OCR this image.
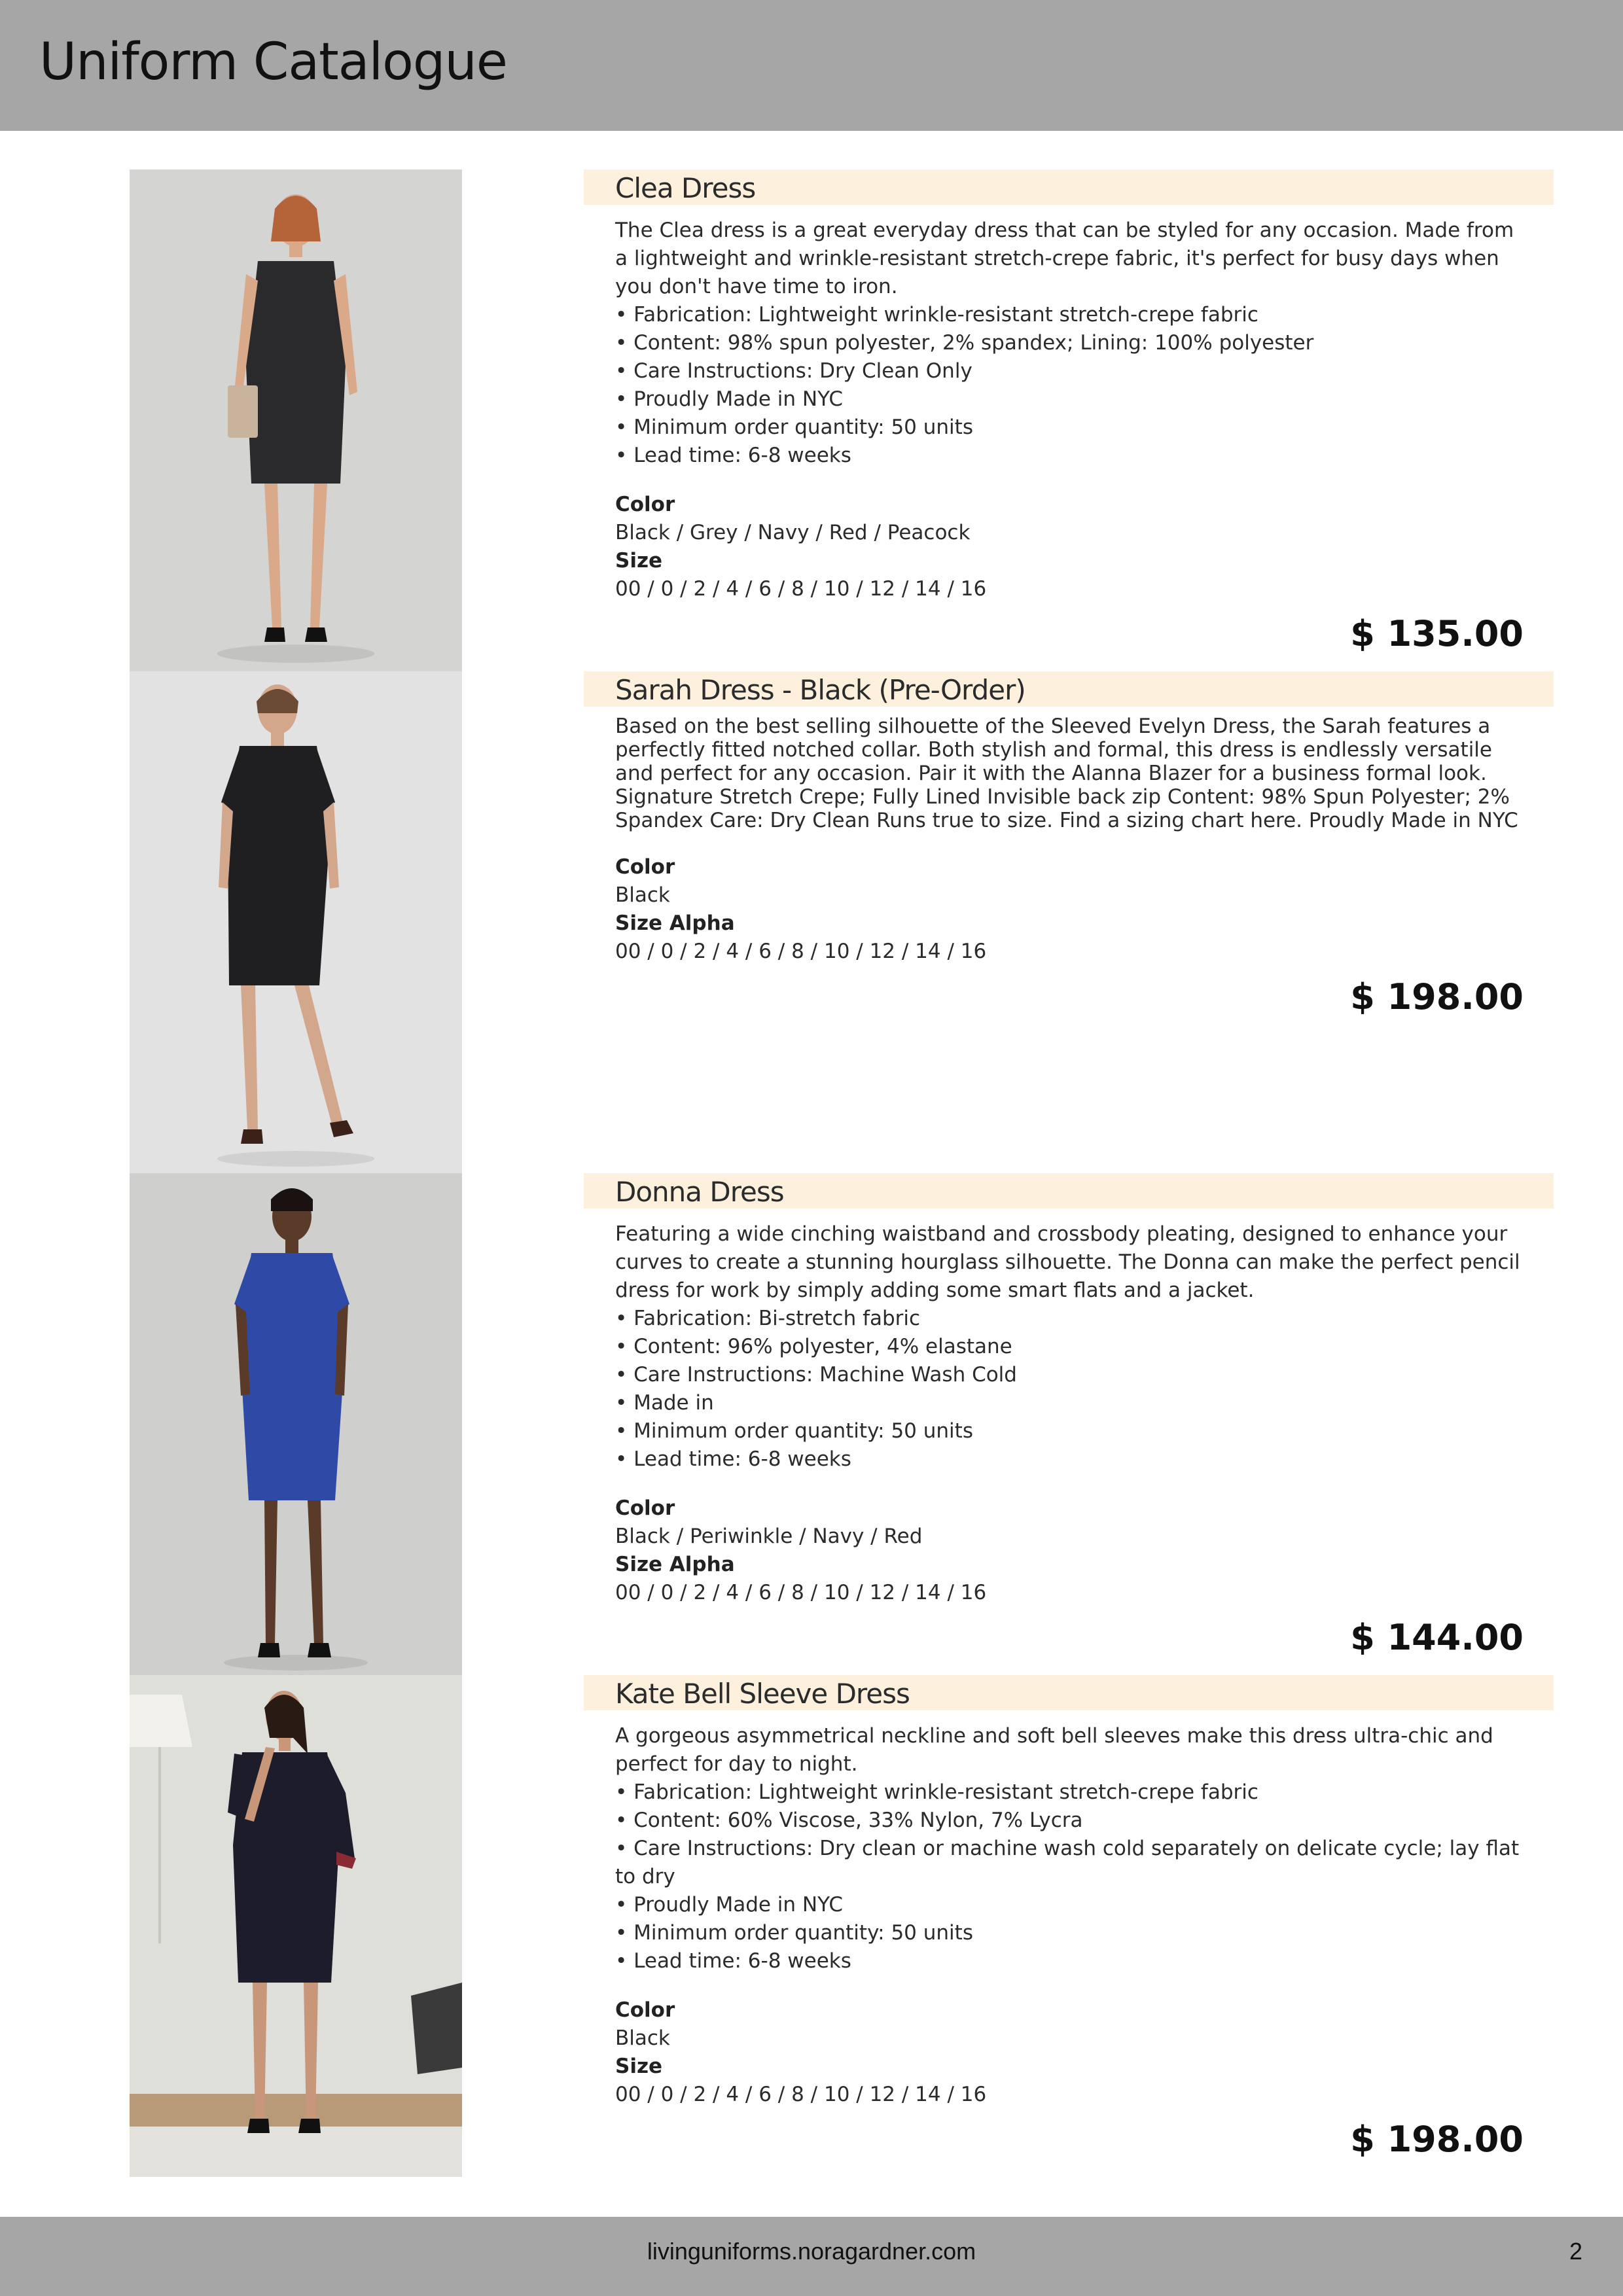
Uniform Catalogue
Clea Dress
The Clea dress is a great everyday dress that can be styled for any occasion. Made from a lightweight and wrinkle-resistant stretch-crepe fabric, it's perfect for busy days when you don't have time to iron.
• Fabrication: Lightweight wrinkle-resistant stretch-crepe fabric
• Content: 98% spun polyester, 2% spandex; Lining: 100% polyester
• Care Instructions: Dry Clean Only
• Proudly Made in NYC
• Minimum order quantity: 50 units
• Lead time: 6-8 weeks
Color
Black / Grey / Navy / Red / Peacock
Size
00 / 0 / 2 / 4 / 6 / 8 / 10 / 12 / 14 / 16
$ 135.00
Sarah Dress - Black (Pre-Order)
Based on the best selling silhouette of the Sleeved Evelyn Dress, the Sarah features a perfectly fitted notched collar. Both stylish and formal, this dress is endlessly versatile and perfect for any occasion. Pair it with the Alanna Blazer for a business formal look. Signature Stretch Crepe; Fully Lined Invisible back zip Content: 98% Spun Polyester; 2% Spandex Care: Dry Clean Runs true to size. Find a sizing chart here. Proudly Made in NYC
Color
Black
Size Alpha
00 / 0 / 2 / 4 / 6 / 8 / 10 / 12 / 14 / 16
$ 198.00
Donna Dress
Featuring a wide cinching waistband and crossbody pleating, designed to enhance your curves to create a stunning hourglass silhouette. The Donna can make the perfect pencil dress for work by simply adding some smart flats and a jacket.
• Fabrication: Bi-stretch fabric
• Content: 96% polyester, 4% elastane
• Care Instructions: Machine Wash Cold
• Made in
• Minimum order quantity: 50 units
• Lead time: 6-8 weeks
Color
Black / Periwinkle / Navy / Red
Size Alpha
00 / 0 / 2 / 4 / 6 / 8 / 10 / 12 / 14 / 16
$ 144.00
Kate Bell Sleeve Dress
A gorgeous asymmetrical neckline and soft bell sleeves make this dress ultra-chic and perfect for day to night.
• Fabrication: Lightweight wrinkle-resistant stretch-crepe fabric
• Content: 60% Viscose, 33% Nylon, 7% Lycra
• Care Instructions: Dry clean or machine wash cold separately on delicate cycle; lay flat to dry
• Proudly Made in NYC
• Minimum order quantity: 50 units
• Lead time: 6-8 weeks
Color
Black
Size
00 / 0 / 2 / 4 / 6 / 8 / 10 / 12 / 14 / 16
$ 198.00
livinguniforms.noragardner.com	2
